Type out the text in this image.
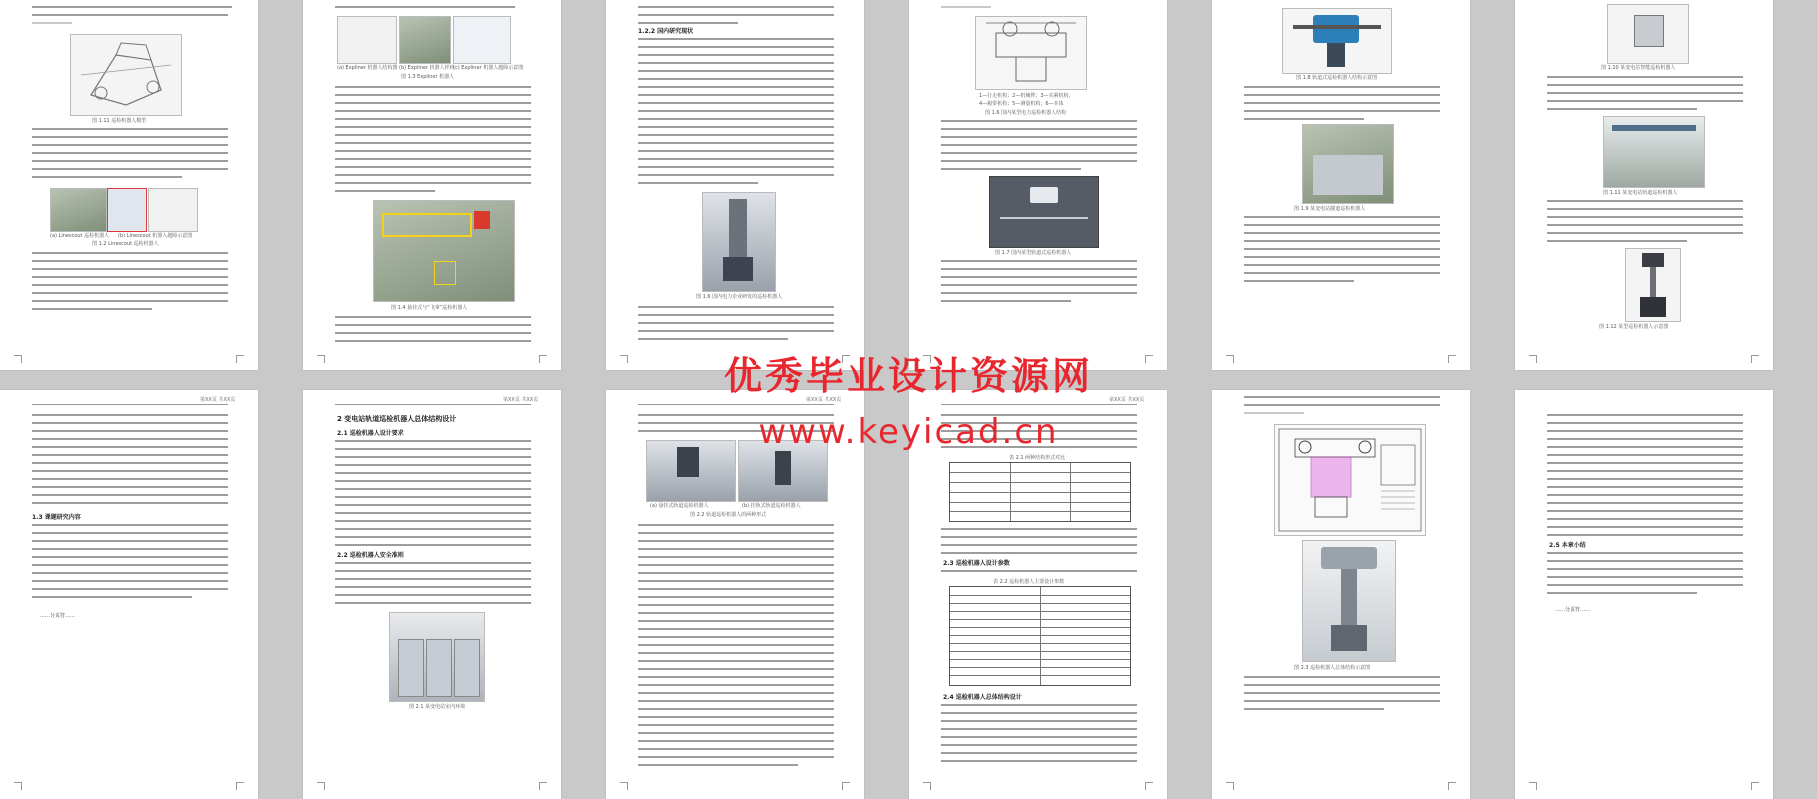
图 1.11 巡检机器人模型
(a) Linescout 巡检机器人 (b) Linescout 机器人越障示意图
图 1.2 Linescout 巡检机器人
(a) Expliner 机器人结构图 (b) Expliner 机器人样机
(c) Expliner 机器人越障示意图
图 1.3 Expliner 机器人
图 1.4 悬挂式与“飞拿”巡检机器人
1.2.2 国内研究现状
图 1.6 国内电力企业研发的巡检机器人
1—行走机构；2—机械臂；3—夹紧机构；
4—履带机构；5—测量机构；6—本体
图 1.6 国内某型电力巡检机器人结构
图 1.7 国内某型轨道式巡检机器人
图 1.8 轨道式巡检机器人结构示意图
图 1.9 某变电站隧道巡检机器人
图 1.10 某变电站智能巡检机器人
图 1.11 某变电站轨道巡检机器人
图 1.12 某型巡检机器人示意图
第XX页 共XX页
1.3 课题研究内容
……分页符……
第XX页 共XX页
2 变电站轨道巡检机器人总体结构设计
2.1 巡检机器人设计要求
2.2 巡检机器人安全准则
图 2.1 某变电站室内环境
第XX页 共XX页
(a) 悬挂式轨道巡检机器人	(b) 挂轨式轨道巡检机器人
图 2.2 轨道巡检机器人的两种形式
第XX页 共XX页
表 2.1 两种结构形式对比
2.3 巡检机器人设计参数
表 2.2 巡检机器人主要设计参数
2.4 巡检机器人总体结构设计
图 2.3 巡检机器人总体结构示意图
2.5 本章小结
……分页符……
优秀毕业设计资源网
www.keyicad.cn
